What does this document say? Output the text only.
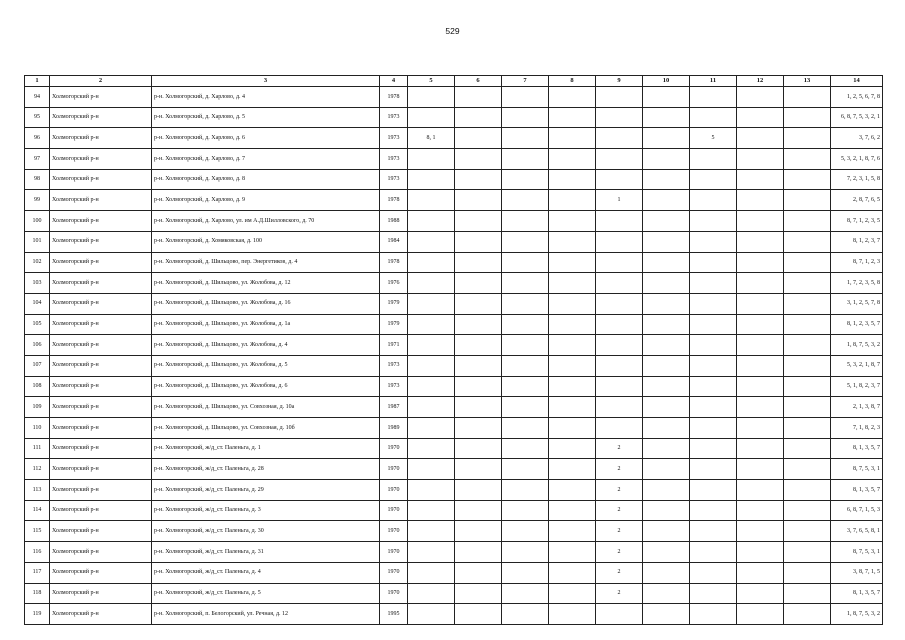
529
1	2	3	4	5	6	7	8	9	10	11	12	13	14
94	Холмогорский р-н	р-н. Холмогорский, д. Харлово, д. 4	1978										1, 2, 5, 6, 7, 8
95	Холмогорский р-н	р-н. Холмогорский, д. Харлово, д. 5	1973										6, 8, 7, 5, 3, 2, 1
96	Холмогорский р-н	р-н. Холмогорский, д. Харлово, д. 6	1973	8, 1						5			3, 7, 6, 2
97	Холмогорский р-н	р-н. Холмогорский, д. Харлово, д. 7	1973										5, 3, 2, 1, 8, 7, 6
98	Холмогорский р-н	р-н. Холмогорский, д. Харлово, д. 8	1973										7, 2, 3, 1, 5, 8
99	Холмогорский р-н	р-н. Холмогорский, д. Харлово, д. 9	1978					1					2, 8, 7, 6, 5
100	Холмогорский р-н	р-н. Холмогорский, д. Харлово, ул. им А.Д.Шилловского, д. 70	1988										8, 7, 1, 2, 3, 5
101	Холмогорский р-н	р-н. Холмогорский, д. Хомяковская, д. 100	1984										8, 1, 2, 3, 7
102	Холмогорский р-н	р-н. Холмогорский, д. Шильцово, пер. Энергетиков, д. 4	1978										8, 7, 1, 2, 3
103	Холмогорский р-н	р-н. Холмогорский, д. Шильцово, ул. Жолобова, д. 12	1976										1, 7, 2, 3, 5, 8
104	Холмогорский р-н	р-н. Холмогорский, д. Шильцово, ул. Жолобова, д. 16	1979										3, 1, 2, 5, 7, 8
105	Холмогорский р-н	р-н. Холмогорский, д. Шильцово, ул. Жолобова, д. 1а	1979										8, 1, 2, 3, 5, 7
106	Холмогорский р-н	р-н. Холмогорский, д. Шильцово, ул. Жолобова, д. 4	1971										1, 8, 7, 5, 3, 2
107	Холмогорский р-н	р-н. Холмогорский, д. Шильцово, ул. Жолобова, д. 5	1973										5, 3, 2, 1, 8, 7
108	Холмогорский р-н	р-н. Холмогорский, д. Шильцово, ул. Жолобова, д. 6	1973										5, 1, 8, 2, 3, 7
109	Холмогорский р-н	р-н. Холмогорский, д. Шильцово, ул. Совхозная, д. 10а	1987										2, 1, 3, 8, 7
110	Холмогорский р-н	р-н. Холмогорский, д. Шильцово, ул. Совхозная, д. 10б	1989										7, 1, 8, 2, 3
111	Холмогорский р-н	р-н. Холмогорский, ж/д_ст. Паленьга, д. 1	1970					2					8, 1, 3, 5, 7
112	Холмогорский р-н	р-н. Холмогорский, ж/д_ст. Паленьга, д. 28	1970					2					8, 7, 5, 3, 1
113	Холмогорский р-н	р-н. Холмогорский, ж/д_ст. Паленьга, д. 29	1970					2					8, 1, 3, 5, 7
114	Холмогорский р-н	р-н. Холмогорский, ж/д_ст. Паленьга, д. 3	1970					2					6, 8, 7, 1, 5, 3
115	Холмогорский р-н	р-н. Холмогорский, ж/д_ст. Паленьга, д. 30	1970					2					3, 7, 6, 5, 8, 1
116	Холмогорский р-н	р-н. Холмогорский, ж/д_ст. Паленьга, д. 31	1970					2					8, 7, 5, 3, 1
117	Холмогорский р-н	р-н. Холмогорский, ж/д_ст. Паленьга, д. 4	1970					2					3, 8, 7, 1, 5
118	Холмогорский р-н	р-н. Холмогорский, ж/д_ст. Паленьга, д. 5	1970					2					8, 1, 3, 5, 7
119	Холмогорский р-н	р-н. Холмогорский, п. Белогорский, ул. Речная, д. 12	1995										1, 8, 7, 5, 3, 2
